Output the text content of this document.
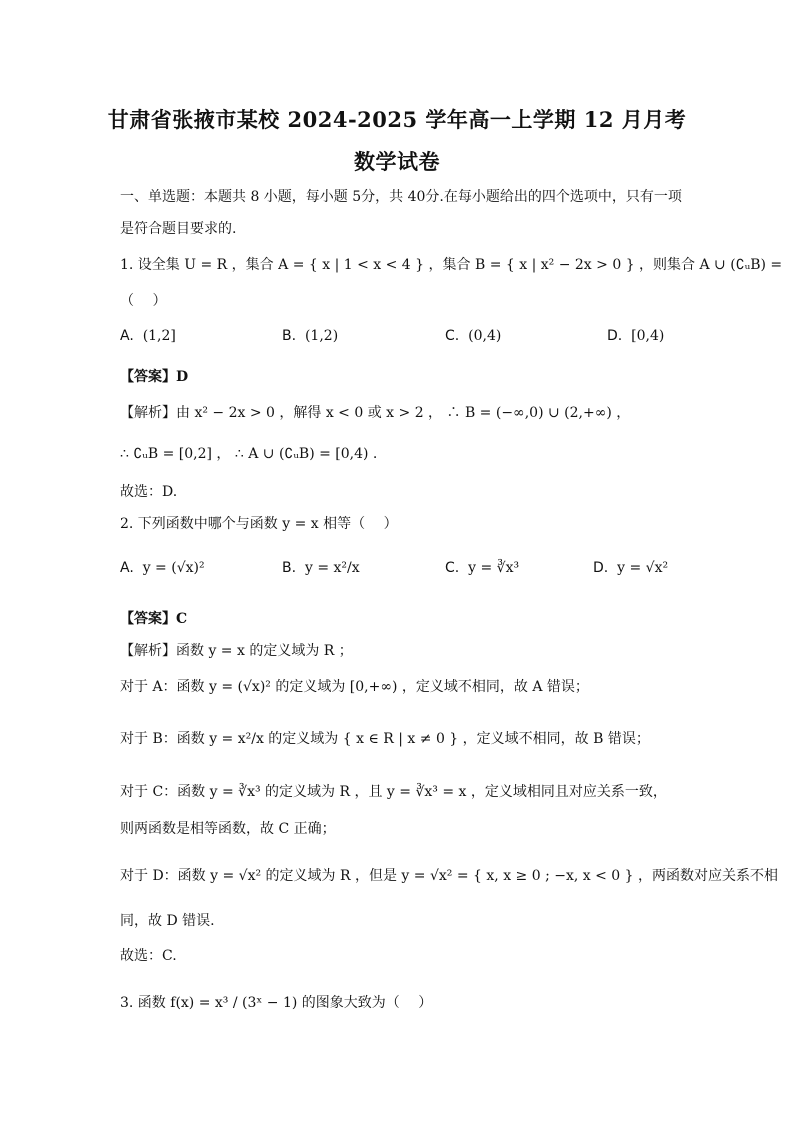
甘肃省张掖市某校 2024-2025 学年高一上学期 12 月月考
数学试卷
一、单选题：本题共 8 小题，每小题 5分，共 40分.在每小题给出的四个选项中，只有一项
是符合题目要求的.
1. 设全集 U = R ，集合 A = { x | 1 < x < 4 } ，集合 B = { x | x² − 2x > 0 } ，则集合 A ∪ (∁ᵤB) =
（　 ）
A. (1,2]	B. (1,2)	C. (0,4)	D. [0,4)
【答案】D
【解析】由 x² − 2x > 0 ，解得 x < 0 或 x > 2 ， ∴ B = (−∞,0) ∪ (2,+∞) ，
∴ ∁ᵤB = [0,2] ， ∴ A ∪ (∁ᵤB) = [0,4) .
故选：D.
2. 下列函数中哪个与函数 y = x 相等（　 ）
A. y = (√x)²	B. y = x²/x	C. y = ∛x³	D. y = √x²
【答案】C
【解析】函数 y = x 的定义域为 R ；
对于 A：函数 y = (√x)² 的定义域为 [0,+∞) ，定义域不相同，故 A 错误；
对于 B：函数 y = x²/x 的定义域为 { x ∈ R | x ≠ 0 } ，定义域不相同，故 B 错误；
对于 C：函数 y = ∛x³ 的定义域为 R ，且 y = ∛x³ = x ，定义域相同且对应关系一致，
则两函数是相等函数，故 C 正确；
对于 D：函数 y = √x² 的定义域为 R ，但是 y = √x² = { x, x ≥ 0 ; −x, x < 0 } ，两函数对应关系不相
同，故 D 错误.
故选：C.
3. 函数 f(x) = x³ / (3ˣ − 1) 的图象大致为（　 ）
